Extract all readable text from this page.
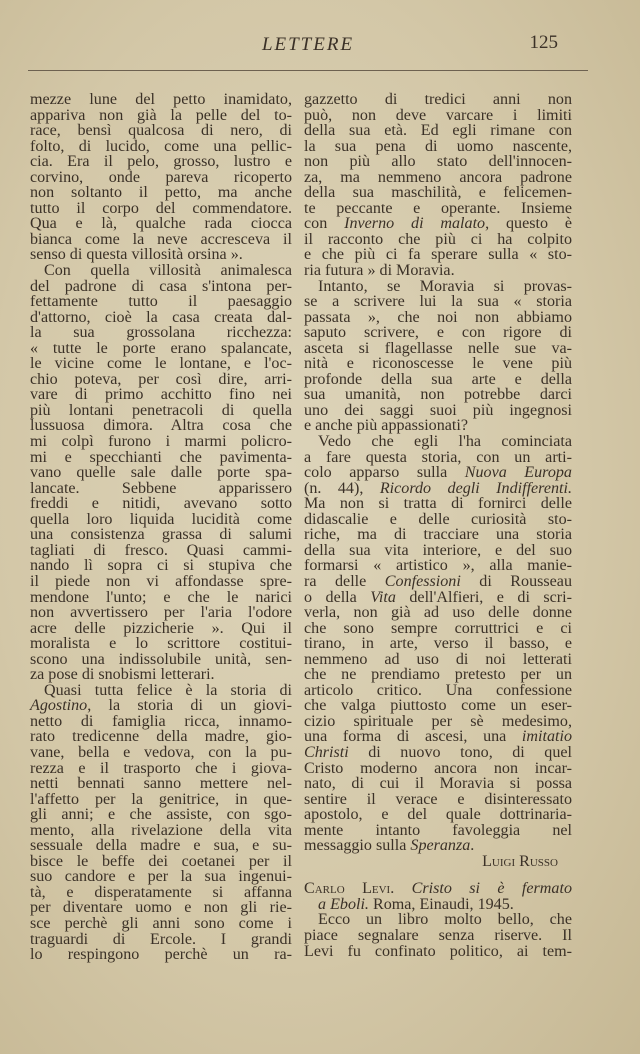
LETTERE	125
mezze lune del petto inamidato,
appariva non già la pelle del to-
race, bensì qualcosa di nero, di
folto, di lucido, come una pellic-
cia. Era il pelo, grosso, lustro e
corvino, onde pareva ricoperto
non soltanto il petto, ma anche
tutto il corpo del commendatore.
Qua e là, qualche rada ciocca
bianca come la neve accresceva il
senso di questa villosità orsina ».
Con quella villosità animalesca
del padrone di casa s'intona per-
fettamente tutto il paesaggio
d'attorno, cioè la casa creata dal-
la sua grossolana ricchezza:
« tutte le porte erano spalancate,
le vicine come le lontane, e l'oc-
chio poteva, per così dire, arri-
vare di primo acchitto fino nei
più lontani penetracoli di quella
lussuosa dimora. Altra cosa che
mi colpì furono i marmi policro-
mi e specchianti che pavimenta-
vano quelle sale dalle porte spa-
lancate. Sebbene apparissero
freddi e nitidi, avevano sotto
quella loro liquida lucidità come
una consistenza grassa di salumi
tagliati di fresco. Quasi cammi-
nando lì sopra ci si stupiva che
il piede non vi affondasse spre-
mendone l'unto; e che le narici
non avvertissero per l'aria l'odore
acre delle pizzicherie ». Qui il
moralista e lo scrittore costitui-
scono una indissolubile unità, sen-
za pose di snobismi letterari.
Quasi tutta felice è la storia di
Agostino, la storia di un giovi-
netto di famiglia ricca, innamo-
rato tredicenne della madre, gio-
vane, bella e vedova, con la pu-
rezza e il trasporto che i giova-
netti bennati sanno mettere nel-
l'affetto per la genitrice, in que-
gli anni; e che assiste, con sgo-
mento, alla rivelazione della vita
sessuale della madre e sua, e su-
bisce le beffe dei coetanei per il
suo candore e per la sua ingenui-
tà, e disperatamente si affanna
per diventare uomo e non gli rie-
sce perchè gli anni sono come i
traguardi di Ercole. I grandi
lo respingono perchè un ra-
gazzetto di tredici anni non
può, non deve varcare i limiti
della sua età. Ed egli rimane con
la sua pena di uomo nascente,
non più allo stato dell'innocen-
za, ma nemmeno ancora padrone
della sua maschilità, e felicemen-
te peccante e operante. Insieme
con Inverno di malato, questo è
il racconto che più ci ha colpito
e che più ci fa sperare sulla « sto-
ria futura » di Moravia.
Intanto, se Moravia si provas-
se a scrivere lui la sua « storia
passata », che noi non abbiamo
saputo scrivere, e con rigore di
asceta si flagellasse nelle sue va-
nità e riconoscesse le vene più
profonde della sua arte e della
sua umanità, non potrebbe darci
uno dei saggi suoi più ingegnosi
e anche più appassionati?
Vedo che egli l'ha cominciata
a fare questa storia, con un arti-
colo apparso sulla Nuova Europa
(n. 44), Ricordo degli Indifferenti.
Ma non si tratta di fornirci delle
didascalie e delle curiosità sto-
riche, ma di tracciare una storia
della sua vita interiore, e del suo
formarsi « artistico », alla manie-
ra delle Confessioni di Rousseau
o della Vita dell'Alfieri, e di scri-
verla, non già ad uso delle donne
che sono sempre corruttrici e ci
tirano, in arte, verso il basso, e
nemmeno ad uso di noi letterati
che ne prendiamo pretesto per un
articolo critico. Una confessione
che valga piuttosto come un eser-
cizio spirituale per sè medesimo,
una forma di ascesi, una imitatio
Christi di nuovo tono, di quel
Cristo moderno ancora non incar-
nato, di cui il Moravia si possa
sentire il verace e disinteressato
apostolo, e del quale dottrinaria-
mente intanto favoleggia nel
messaggio sulla Speranza.
Luigi Russo
Carlo Levi. Cristo si è fermato
a Eboli. Roma, Einaudi, 1945.
Ecco un libro molto bello, che
piace segnalare senza riserve. Il
Levi fu confinato politico, ai tem-
